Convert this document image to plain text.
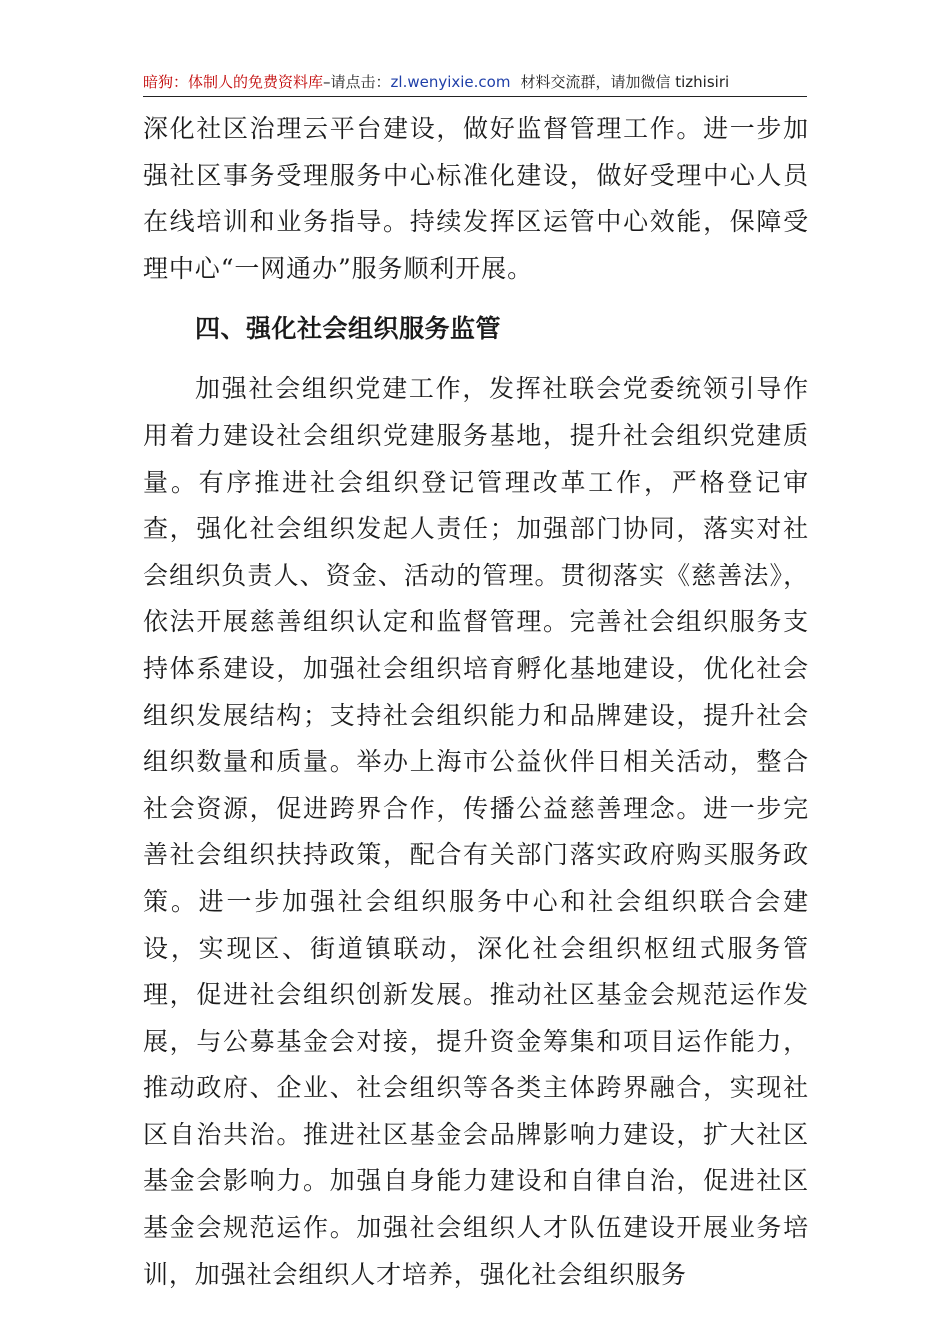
暗狗：体制人的免费资料库–请点击：zl.wenyixie.com 材料交流群，请加微信 tizhisiri

深化社区治理云平台建设，做好监督管理工作。进一步加强社区事务受理服务中心标准化建设，做好受理中心人员在线培训和业务指导。持续发挥区运管中心效能，保障受理中心“一网通办”服务顺利开展。

四、强化社会组织服务监管

加强社会组织党建工作，发挥社联会党委统领引导作用着力建设社会组织党建服务基地，提升社会组织党建质量。有序推进社会组织登记管理改革工作，严格登记审查，强化社会组织发起人责任；加强部门协同，落实对社会组织负责人、资金、活动的管理。贯彻落实《慈善法》，依法开展慈善组织认定和监督管理。完善社会组织服务支持体系建设，加强社会组织培育孵化基地建设，优化社会组织发展结构；支持社会组织能力和品牌建设，提升社会组织数量和质量。举办上海市公益伙伴日相关活动，整合社会资源，促进跨界合作，传播公益慈善理念。进一步完善社会组织扶持政策，配合有关部门落实政府购买服务政策。进一步加强社会组织服务中心和社会组织联合会建设，实现区、街道镇联动，深化社会组织枢纽式服务管理，促进社会组织创新发展。推动社区基金会规范运作发展，与公募基金会对接，提升资金筹集和项目运作能力，推动政府、企业、社会组织等各类主体跨界融合，实现社区自治共治。推进社区基金会品牌影响力建设，扩大社区基金会影响力。加强自身能力建设和自律自治，促进社区基金会规范运作。加强社会组织人才队伍建设开展业务培训，加强社会组织人才培养，强化社会组织服务
